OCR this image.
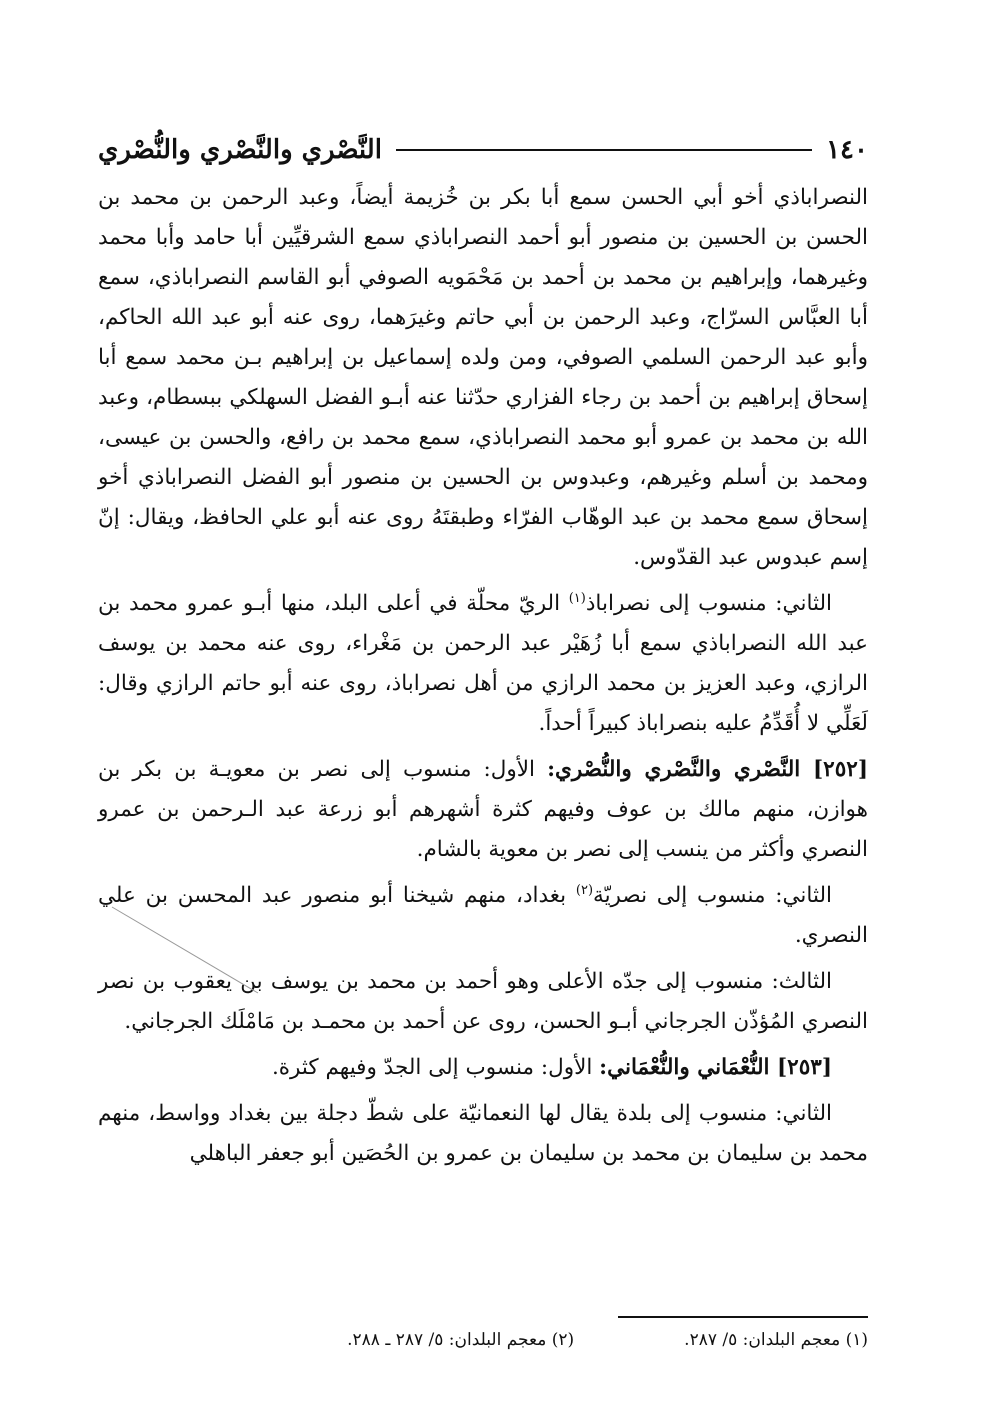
١٤٠
النَّصْري والنَّصْري والنُّصْري

النصراباذي أخو أبي الحسن سمع أبا بكر بن خُزيمة أيضاً، وعبد الرحمن بن محمد بن الحسن بن الحسين بن منصور أبو أحمد النصراباذي سمع الشرقيِّين أبا حامد وأبا محمد وغيرهما، وإبراهيم بن محمد بن أحمد بن مَحْمَويه الصوفي أبو القاسم النصراباذي، سمع أبا العبَّاس السرّاج، وعبد الرحمن بن أبي حاتم وغيرَهما، روى عنه أبو عبد الله الحاكم، وأبو عبد الرحمن السلمي الصوفي، ومن ولده إسماعيل بن إبراهيم بـن محمد سمع أبا إسحاق إبراهيم بن أحمد بن رجاء الفزاري حدّثنا عنه أبـو الفضل السهلكي ببسطام، وعبد الله بن محمد بن عمرو أبو محمد النصراباذي، سمع محمد بن رافع، والحسن بن عيسى، ومحمد بن أسلم وغيرهم، وعبدوس بن الحسين بن منصور أبو الفضل النصراباذي أخو إسحاق سمع محمد بن عبد الوهّاب الفرّاء وطبقتَهُ روى عنه أبو علي الحافظ، ويقال: إنّ إسم عبدوس عبد القدّوس.

الثاني: منسوب إلى نصراباذ$^{(١)}$ الريّ محلّة في أعلى البلد، منها أبـو عمرو محمد بن عبد الله النصراباذي سمع أبا زُهَيْر عبد الرحمن بن مَغْراء، روى عنه محمد بن يوسف الرازي، وعبد العزيز بن محمد الرازي من أهل نصراباذ، روى عنه أبو حاتم الرازي وقال: لَعَلِّي لا أُقَدِّمُ عليه بنصراباذ كبيراً أحداً.

[٢٥٢] النَّصْري والنَّصْري والنُّصْري: الأول: منسوب إلى نصر بن معويـة بن بكر بن هوازن، منهم مالك بن عوف وفيهم كثرة أشهرهم أبو زرعة عبد الـرحمن بن عمرو النصري وأكثر من ينسب إلى نصر بن معوية بالشام.

الثاني: منسوب إلى نصريّة$^{(٢)}$ بغداد، منهم شيخنا أبو منصور عبد المحسن بن علي النصري.

الثالث: منسوب إلى جدّه الأعلى وهو أحمد بن محمد بن يوسف بن يعقوب بن نصر النصري المُؤذّن الجرجاني أبـو الحسن، روى عن أحمد بن محمـد بن مَامْلَك الجرجاني.

[٢٥٣] النُّعْمَاني والنُّعْمَاني: الأول: منسوب إلى الجدّ وفيهم كثرة.

الثاني: منسوب إلى بلدة يقال لها النعمانيّة على شطّ دجلة بين بغداد وواسط، منهم محمد بن سليمان بن محمد بن سليمان بن عمرو بن الحُصَين أبو جعفر الباهلي

(١) معجم البلدان: ٥/ ٢٨٧.
(٢) معجم البلدان: ٥/ ٢٨٧ ـ ٢٨٨.
